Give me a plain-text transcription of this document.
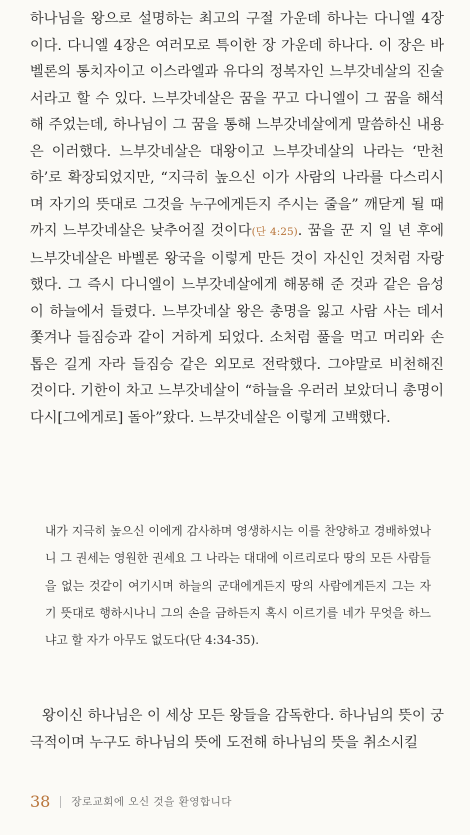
하나님을 왕으로 설명하는 최고의 구절 가운데 하나는 다니엘 4장이다. 다니엘 4장은 여러모로 특이한 장 가운데 하나다. 이 장은 바벨론의 통치자이고 이스라엘과 유다의 정복자인 느부갓네살의 진술서라고 할 수 있다. 느부갓네살은 꿈을 꾸고 다니엘이 그 꿈을 해석해 주었는데, 하나님이 그 꿈을 통해 느부갓네살에게 말씀하신 내용은 이러했다. 느부갓네살은 대왕이고 느부갓네살의 나라는 ‘만천하’로 확장되었지만, “지극히 높으신 이가 사람의 나라를 다스리시며 자기의 뜻대로 그것을 누구에게든지 주시는 줄을” 깨닫게 될 때까지 느부갓네살은 낮추어질 것이다(단 4:25). 꿈을 꾼 지 일 년 후에 느부갓네살은 바벨론 왕국을 이렇게 만든 것이 자신인 것처럼 자랑했다. 그 즉시 다니엘이 느부갓네살에게 해몽해 준 것과 같은 음성이 하늘에서 들렸다. 느부갓네살 왕은 총명을 잃고 사람 사는 데서 쫓겨나 들짐승과 같이 거하게 되었다. 소처럼 풀을 먹고 머리와 손톱은 길게 자라 들짐승 같은 외모로 전락했다. 그야말로 비천해진 것이다. 기한이 차고 느부갓네살이 “하늘을 우러러 보았더니 총명이 다시[그에게로] 돌아”왔다. 느부갓네살은 이렇게 고백했다.

내가 지극히 높으신 이에게 감사하며 영생하시는 이를 찬양하고 경배하였나니 그 권세는 영원한 권세요 그 나라는 대대에 이르리로다 땅의 모든 사람들을 없는 것같이 여기시며 하늘의 군대에게든지 땅의 사람에게든지 그는 자기 뜻대로 행하시나니 그의 손을 금하든지 혹시 이르기를 네가 무엇을 하느냐고 할 자가 아무도 없도다(단 4:34-35).

왕이신 하나님은 이 세상 모든 왕들을 감독한다. 하나님의 뜻이 궁극적이며 누구도 하나님의 뜻에 도전해 하나님의 뜻을 취소시킬

38 장로교회에 오신 것을 환영합니다
